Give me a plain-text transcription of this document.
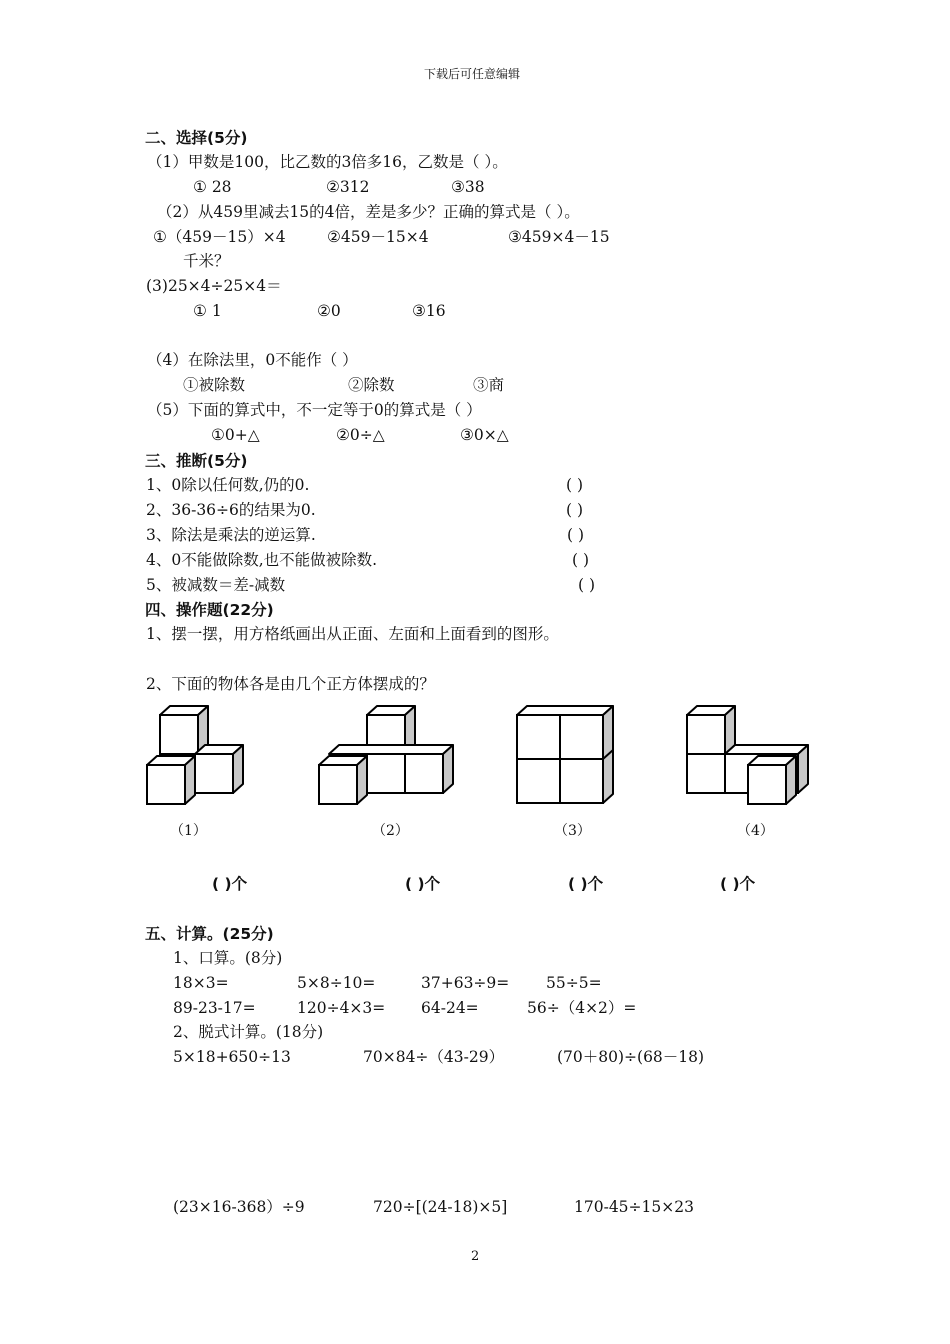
下载后可任意编辑
二、选择(5分)
（1）甲数是100，比乙数的3倍多16，乙数是（ ）。
① 28	②312	③38
（2）从459里减去15的4倍，差是多少？正确的算式是（ ）。
①（459－15）×4	②459－15×4	③459×4－15
千米？
(3)25×4÷25×4＝
① 1	②0	③16
（4）在除法里，0不能作（ ）
①被除数	②除数	③商
（5）下面的算式中，不一定等于0的算式是（ ）
①0+△	②0÷△	③0×△
三、推断(5分)
1、0除以任何数,仍的0.	( )
2、36-36÷6的结果为0.	( )
3、除法是乘法的逆运算.	( )
4、0不能做除数,也不能做被除数.	( )
5、被减数＝差-减数	( )
四、操作题(22分)
1、摆一摆，用方格纸画出从正面、左面和上面看到的图形。
2、下面的物体各是由几个正方体摆成的？
（1）	（2）	（3）	（4）
( )个	( )个	( )个	( )个
五、计算。(25分)
1、口算。(8分)
18×3=	5×8÷10=	37+63÷9= 55÷5=
89-23-17=	120÷4×3= 64-24=	56÷（4×2）=
2、脱式计算。(18分)
5×18+650÷13	70×84÷（43-29）	(70＋80)÷(68－18)
(23×16-368）÷9	720÷[(24-18)×5]	170-45÷15×23
2
